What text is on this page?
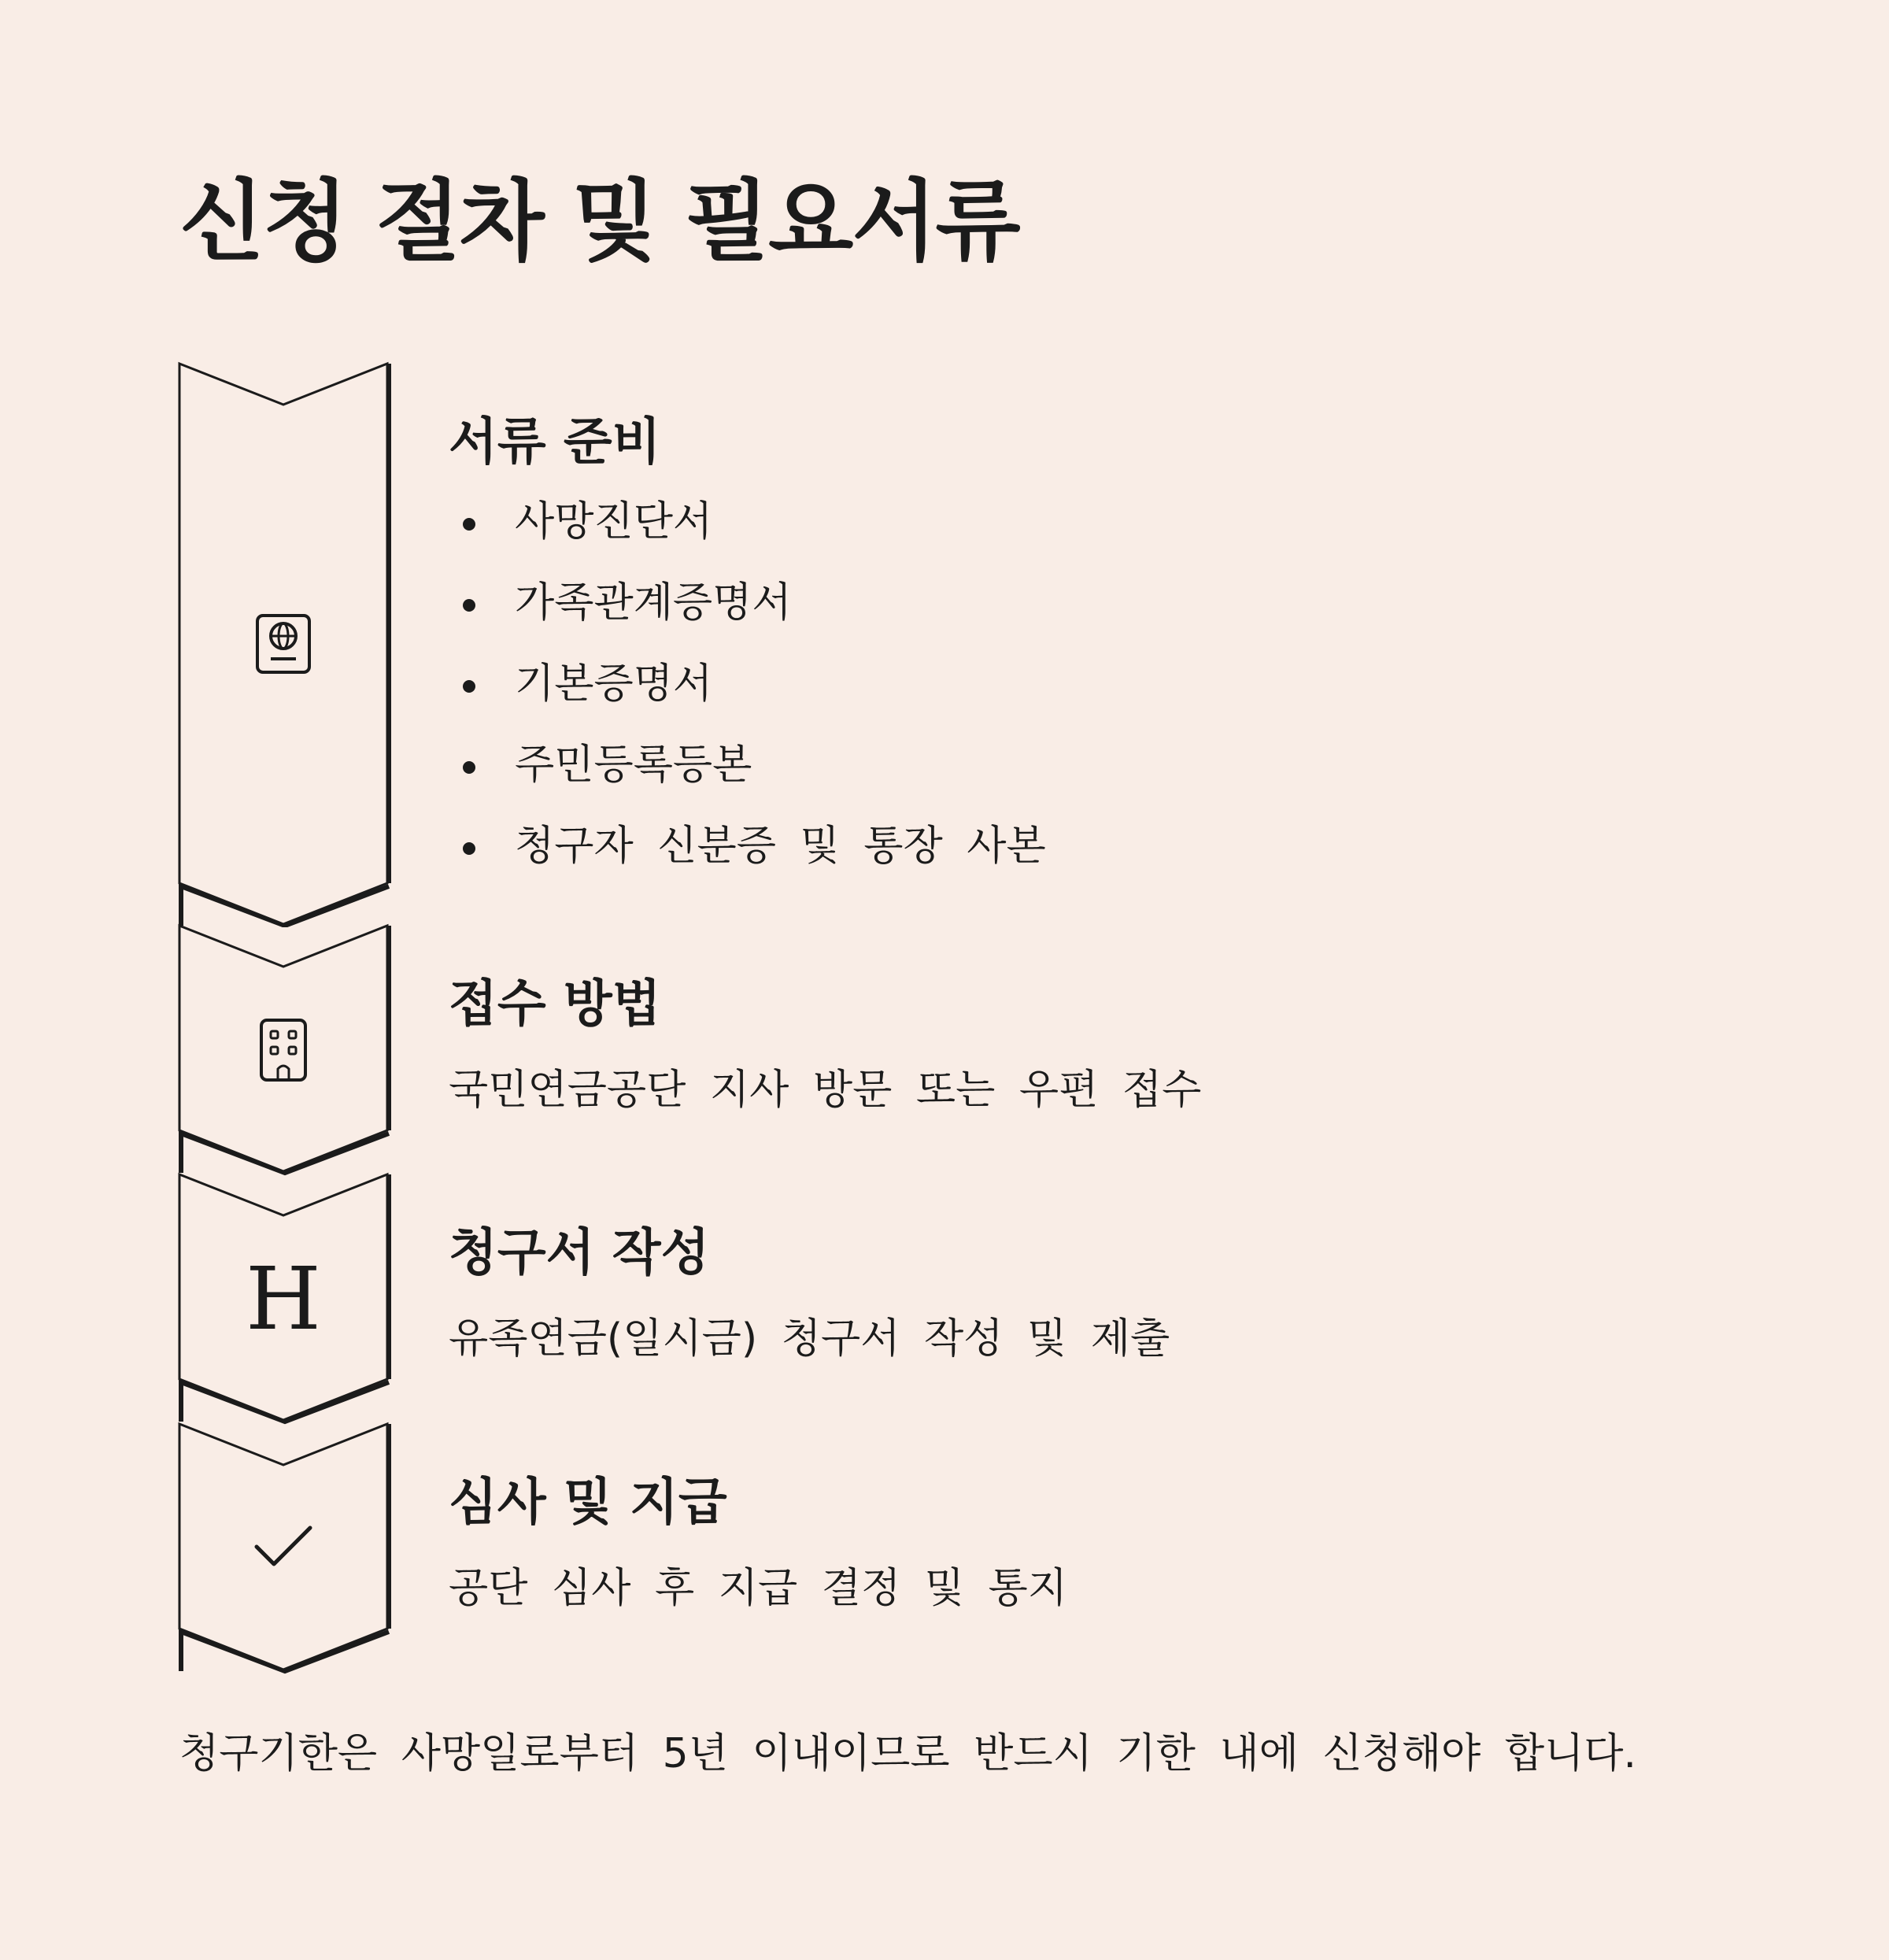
신청 절차 및 필요서류
서류 준비
사망진단서
가족관계증명서
기본증명서
주민등록등본
청구자 신분증 및 통장 사본
접수 방법

국민연금공단 지사 방문 또는 우편 접수

H	청구서 작성

유족연금(일시금) 청구서 작성 및 제출

심사 및 지급

공단 심사 후 지급 결정 및 통지

청구기한은 사망일로부터 5년 이내이므로 반드시 기한 내에 신청해야 합니다.
